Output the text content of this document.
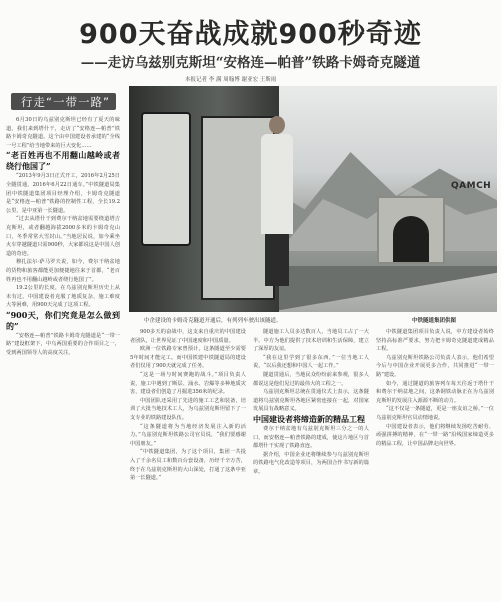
900天奋战成就900秒奇迹
——走访乌兹别克斯坦“安格连—帕普”铁路卡姆奇克隧道
本报记者 李 满 周翰博 谢亚宏 王斯雨
行走“一带一路”
QAMCH
中企建设的卡姆奇克隧道开通后，有列列车驶出该隧道。	中铁隧道集团供图

6月30日的乌兹别克斯坦已经有了夏天的味道，我们来到塔什干，走访了“安格连—帕普”铁路卡姆奇克隧道。这个由中国建设者承建的“全线一号工程”给当地带来的巨大变化……

“老百姓再也不用翻山越岭或者绕行他国了”

“2013年9月3日正式开工，2016年2月25日全隧贯通，2016年6月22日通车。”中铁隧道局集团中铁隧道集团项目经理介绍，卡姆奇克隧道是“安格连—帕普”铁路的控制性工程，全长19.2公里，是中亚第一长隧道。

“过去从塔什干到费尔干纳盆地需要绕道塔吉克斯坦，或者翻越海拔2000多米的卡姆奇克山口，冬季常常大雪封山。”当地居民说，如今乘坐火车穿越隧道只需900秒，大家都说这是中国人创造的奇迹。

穆扎法尔·萨马罗夫说，如今，费尔干纳盆地的货物和旅客都能更加便捷地往来于首都，“老百姓再也不用翻山越岭或者绕行他国了”。

19.2公里的长度，在乌兹别克斯坦历史上从未有过。中国建设者克服了地质复杂、施工难度大等困难，用900天完成了这项工程。

“900天，你们究竟是怎么做到的”

“安格连—帕普”铁路卡姆奇克隧道是“一带一路”建设框架下，中乌两国重要的合作项目之一，受到两国领导人的高度关注。

900多天的奋战中，这支来自重庆的中国建设者团队，让世界见证了中国速度和中国质量。

欧洲一位铁路专家曾预计，这条隧道至少需要5年时间才能完工。而中国铁建中铁隧道局的建设者们仅用了900天就完成了任务。

“这是一场与时间赛跑的战斗。”项目负责人说，施工中遇到了断层、涌水、岩爆等多种地质灾害，建设者们创造了月掘进356米的纪录。

中国团队还采用了先进的施工工艺和装备，培训了大批当地技术工人，为乌兹别克斯坦留下了一支专业的铁路建设队伍。

“这条隧道将为当地经济发展注入新的活力。”乌兹别克斯坦铁路公司官员说，“我们要感谢中国朋友。”

“中铁隧道集团，为了这个项目，集团一共投入了千余名员工和数百台套设备，历经千辛万苦，终于在乌兹别克斯坦的大山深处，打通了这条中亚第一长隧道。”

隧道施工人员多达数百人，当地员工占了一大半。中方为他们提供了技术培训和生活保障，建立了深厚的友谊。

“我在这里学到了很多东西，”一位当地工人说，“以后我还想和中国人一起工作。”

隧道贯通后，当地民众纷纷前来参观，很多人都说这是他们见过的最伟大的工程之一。

乌兹别克斯坦总统在贯通仪式上表示，这条隧道将乌兹别克斯坦各地区紧密连接在一起，对国家发展具有战略意义。

中国建设者将缔造新的精品工程

费尔干纳盆地有乌兹别克斯坦三分之一的人口，而安格连—帕普铁路的建成，使这片地区与首都塔什干实现了铁路直连。

据介绍，中国企业还将继续参与乌兹别克斯坦的铁路电气化改造等项目，为两国合作书写新的篇章。

中铁隧道集团项目负责人说，中方建设者始终坚持高标准严要求，努力把卡姆奇克隧道建成精品工程。

乌兹别克斯坦铁路公司负责人表示，他们希望今后与中国企业开展更多合作，共同推进“一带一路”建设。

如今，通过隧道的旅客列车每天往返于塔什干和费尔干纳盆地之间，这条钢铁动脉正在为乌兹别克斯坦的发展注入源源不断的动力。

“这不仅是一条隧道，更是一座友谊之桥。”一位乌兹别克斯坦官员动情地说。

中国建设者表示，他们将继续发扬吃苦耐劳、顽强拼搏的精神，在“一带一路”沿线国家缔造更多的精品工程，让中国品牌走向世界。
